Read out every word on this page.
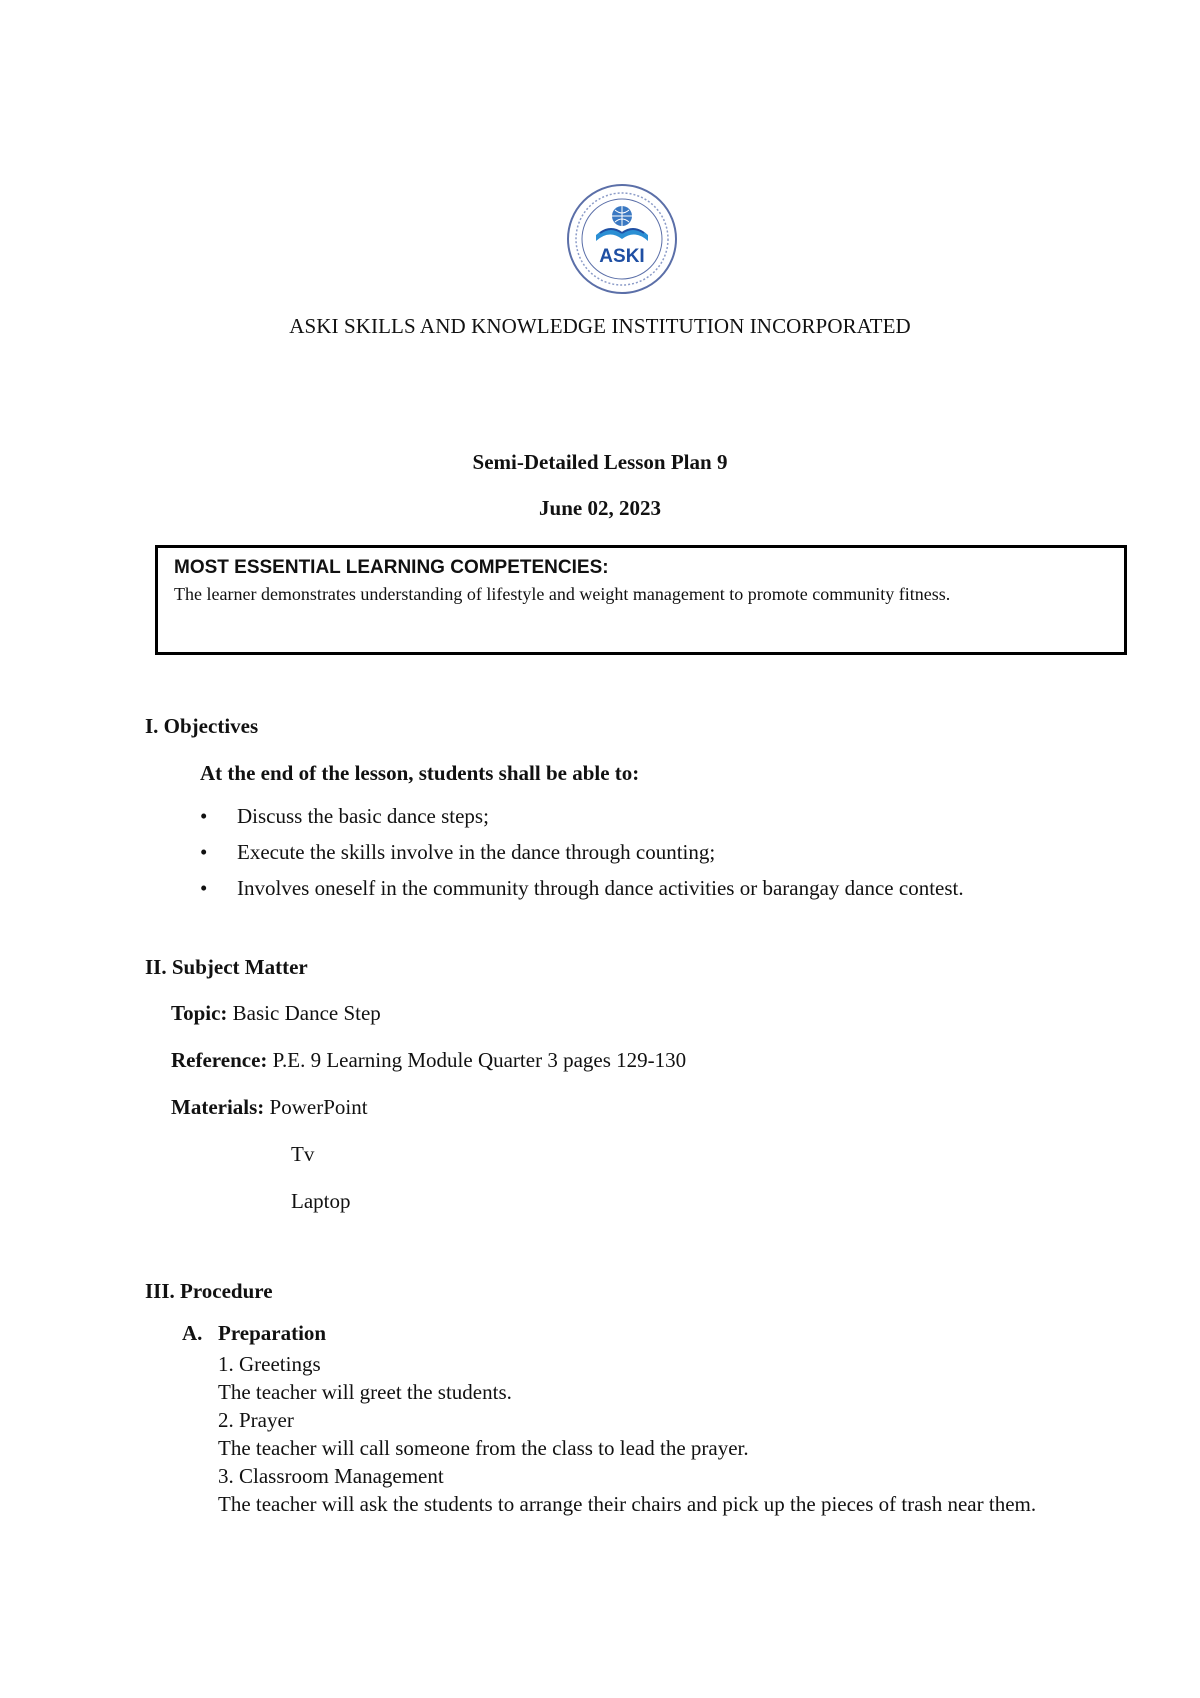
ASKI
ASKI SKILLS AND KNOWLEDGE INSTITUTION INCORPORATED
Semi-Detailed Lesson Plan 9
June 02, 2023
MOST ESSENTIAL LEARNING COMPETENCIES:
The learner demonstrates understanding of lifestyle and weight management to promote community fitness.
I. Objectives
At the end of the lesson, students shall be able to:
• Discuss the basic dance steps;
• Execute the skills involve in the dance through counting;
• Involves oneself in the community through dance activities or barangay dance contest.
II. Subject Matter
Topic: Basic Dance Step
Reference: P.E. 9 Learning Module Quarter 3 pages 129-130
Materials: PowerPoint
Tv
Laptop
III. Procedure
A. Preparation
1. Greetings
The teacher will greet the students.
2. Prayer
The teacher will call someone from the class to lead the prayer.
3. Classroom Management
The teacher will ask the students to arrange their chairs and pick up the pieces of trash near them.
